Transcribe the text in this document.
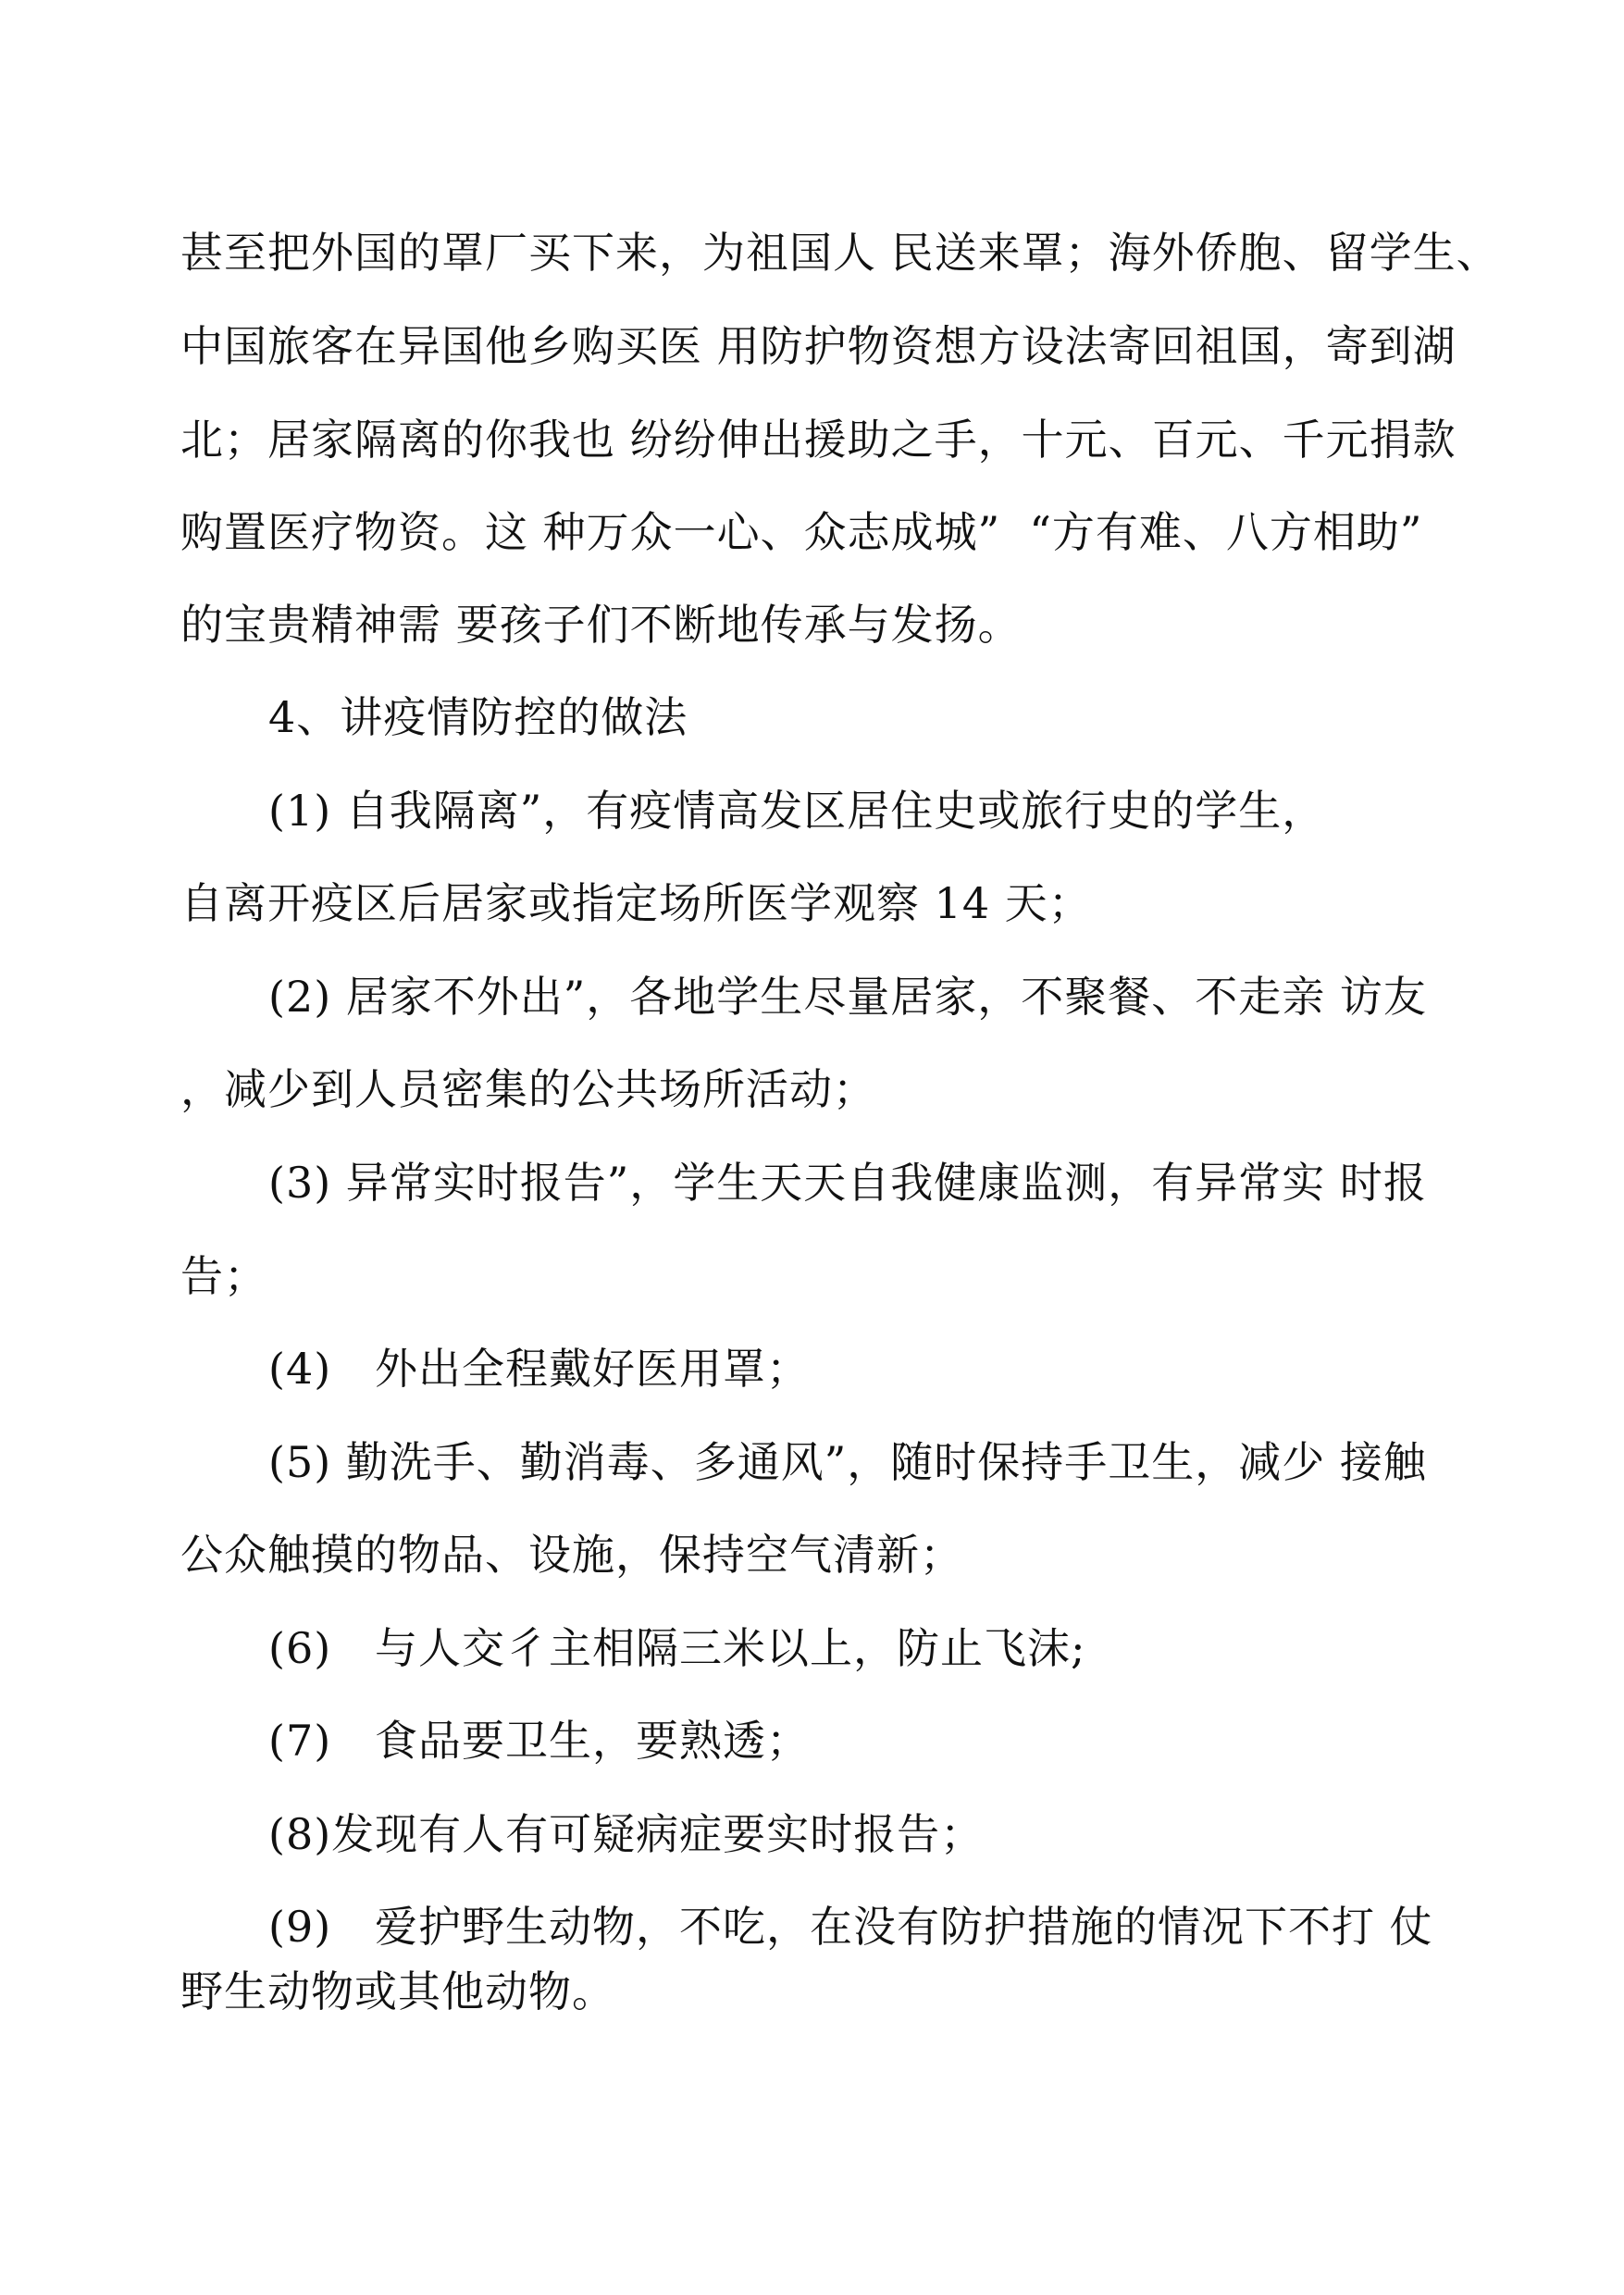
甚至把外国的罩厂买下来，为祖国人 民送来罩；海外侨胞、留学生、
中国旅客在异国他乡购买医 用防护物资想方设法寄回祖国，寄到湖
北；居家隔离的你我也 纷纷伸出援助之手，十元、百元、千元捐款
购置医疗物资。这 种万众一心、众志成城”  “方有难、八方相助”
的宝贵精神需 要孩子们不断地传承与发扬。
4、讲疫情防控的做法
(1) 自我隔离”，有疫情高发区居住史或旅行史的学生，
自离开疫区后居家或指定场所医学观察 14 天；
(2) 居家不外出”，各地学生尽量居家，不聚餐、不走亲 访友
，减少到人员密集的公共场所活动；
(3) 异常实时报告”，学生天天自我健康监测，有异常实 时报
告；
(4)   外出全程戴好医用罩；
(5) 勤洗手、勤消毒、多通风”，随时保持手卫生，减少 接触
公众触摸的物品、设施，保持空气清新；
(6)   与人交彳主相隔三米以上，防止飞沫;
(7)   食品要卫生，要熟透；
(8)发现有人有可疑病症要实时报告；
(9)   爱护野生动物，不吃，在没有防护措施的情况下不打 仗
野生动物或其他动物。
